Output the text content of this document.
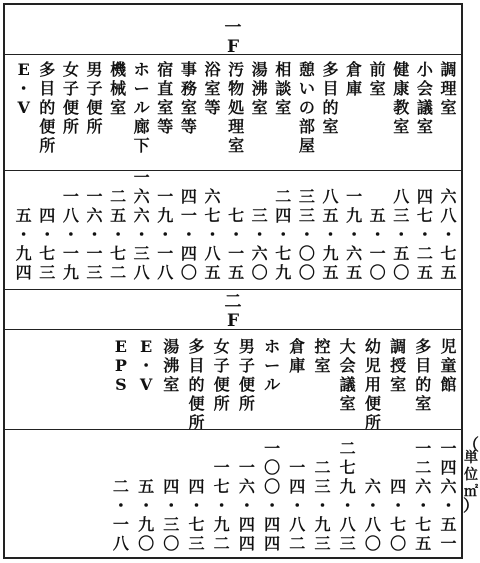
一
F
調
理
室
小
会
議
室
健
康
教
室
前
室
倉
庫
多
目
的
室
憩
い
の
部
屋
相
談
室
湯
沸
室
汚
物
処
理
室
浴
室
等
事
務
室
等
宿
直
室
等
ホ
ー
ル
廊
下
機
械
室
男
子
便
所
女
子
便
所
多
目
的
便
所
E
・
V
六
八
・
七
五
四
七
・
二
五
八
三
・
五
〇
五
・
一
〇
一
九
・
六
五
八
五
・
九
五
三
三
・
〇
〇
二
四
・
七
九
三
・
六
〇
七
・
一
五
六
七
・
八
五
四
一
・
四
〇
一
九
・
一
八
一
六
六
・
三
八
二
五
・
七
二
一
六
・
一
三
一
八
・
一
九
四
・
七
三
五
・
九
四
二
F
児
童
館
多
目
的
室
調
授
室
幼
児
用
便
所
大
会
議
室
控
室
倉
庫
ホ
ー
ル
男
子
便
所
女
子
便
所
多
目
的
便
所
湯
沸
室
E
・
V
E
P
S
一
四
六
・
五
一
一
二
六
・
七
五
四
・
七
〇
六
・
八
〇
二
七
九
・
八
三
二
三
・
九
三
一
四
・
八
二
一
〇
〇
・
四
四
一
六
・
四
四
一
七
・
九
二
四
・
七
三
四
・
三
〇
五
・
九
〇
二
・
一
八
（
単
位
㎡
）
